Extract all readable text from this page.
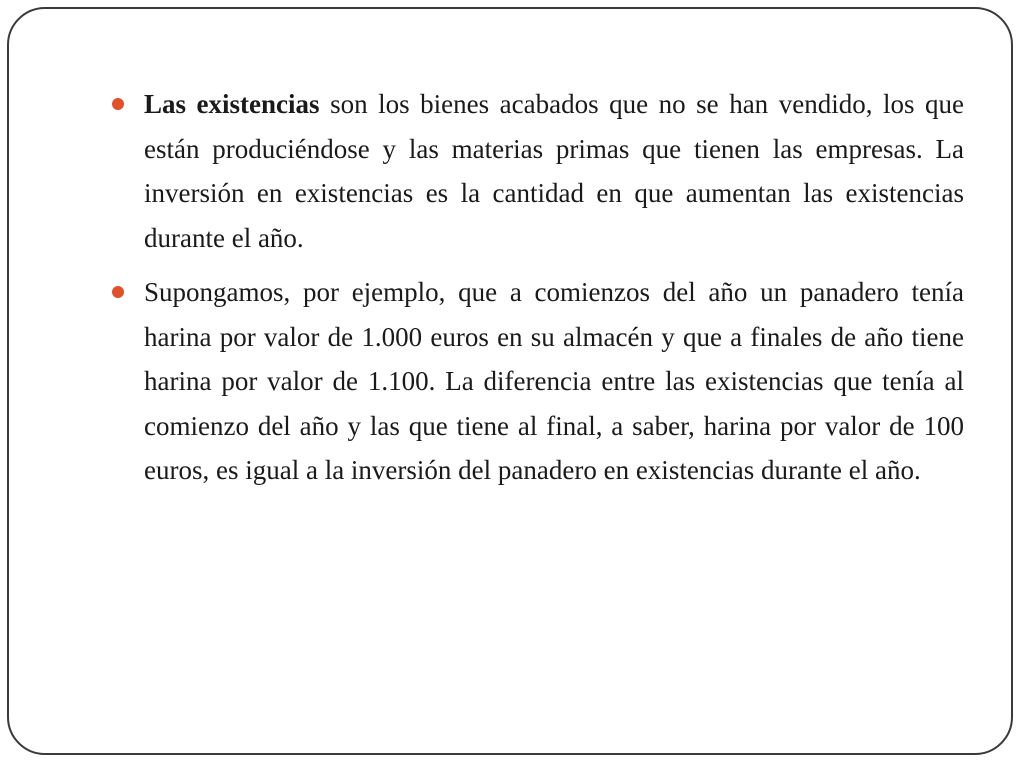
Las existencias son los bienes acabados que no se han vendido, los que están produciéndose y las materias primas que tienen las empresas. La inversión en existencias es la cantidad en que aumentan las existencias durante el año.

Supongamos, por ejemplo, que a comienzos del año un panadero tenía harina por valor de 1.000 euros en su almacén y que a finales de año tiene harina por valor de 1.100. La diferencia entre las existencias que tenía al comienzo del año y las que tiene al final, a saber, harina por valor de 100 euros, es igual a la inversión del panadero en existencias durante el año.
